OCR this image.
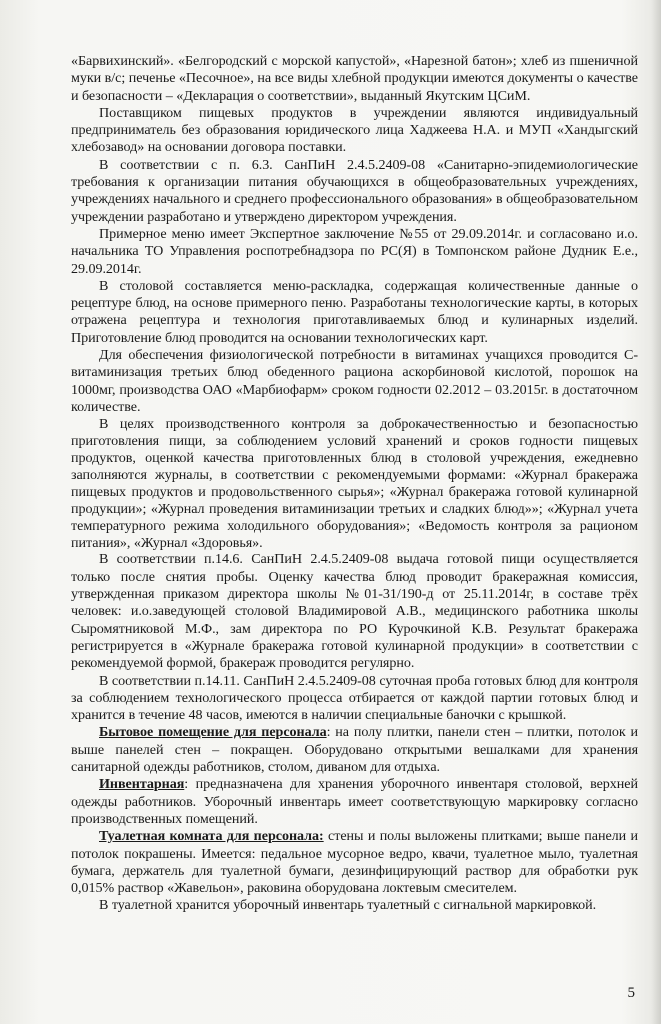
«Барвихинский». «Белгородский с морской капустой», «Нарезной батон»; хлеб из пшеничной муки в/с; печенье «Песочное», на все виды хлебной продукции имеются документы о качестве и безопасности – «Декларация о соответствии», выданный Якутским ЦСиМ.

Поставщиком пищевых продуктов в учреждении являются индивидуальный предприниматель без образования юридического лица Хаджеева Н.А. и МУП «Хандыгский хлебозавод» на основании договора поставки.

В соответствии с п. 6.3. СанПиН 2.4.5.2409-08 «Санитарно-эпидемиологические требования к организации питания обучающихся в общеобразовательных учреждениях, учреждениях начального и среднего профессионального образования» в общеобразовательном учреждении разработано и утверждено директором учреждения.

Примерное меню имеет Экспертное заключение №55 от 29.09.2014г. и согласовано и.о. начальника ТО Управления роспотребнадзора по РС(Я) в Томпонском районе Дудник Е.е., 29.09.2014г.

В столовой составляется меню-раскладка, содержащая количественные данные о рецептуре блюд, на основе примерного пеню. Разработаны технологические карты, в которых отражена рецептура и технология приготавливаемых блюд и кулинарных изделий. Приготовление блюд проводится на основании технологических карт.

Для обеспечения физиологической потребности в витаминах учащихся проводится С-витаминизация третьих блюд обеденного рациона аскорбиновой кислотой, порошок на 1000мг, производства ОАО «Марбиофарм» сроком годности 02.2012 – 03.2015г. в достаточном количестве.

В целях производственного контроля за доброкачественностью и безопасностью приготовления пищи, за соблюдением условий хранений и сроков годности пищевых продуктов, оценкой качества приготовленных блюд в столовой учреждения, ежедневно заполняются журналы, в соответствии с рекомендуемыми формами: «Журнал бракеража пищевых продуктов и продовольственного сырья»; «Журнал бракеража готовой кулинарной продукции»; «Журнал проведения витаминизации третьих и сладких блюд»»; «Журнал учета температурного режима холодильного оборудования»; «Ведомость контроля за рационом питания», «Журнал «Здоровья».

В соответствии п.14.6. СанПиН 2.4.5.2409-08 выдача готовой пищи осуществляется только после снятия пробы. Оценку качества блюд проводит бракеражная комиссия, утвержденная приказом директора школы №01-31/190-д от 25.11.2014г, в составе трёх человек: и.о.заведующей столовой Владимировой А.В., медицинского работника школы Сыромятниковой М.Ф., зам директора по РО Курочкиной К.В. Результат бракеража регистрируется в «Журнале бракеража готовой кулинарной продукции» в соответствии с рекомендуемой формой, бракераж проводится регулярно.

В соответствии п.14.11. СанПиН 2.4.5.2409-08 суточная проба готовых блюд для контроля за соблюдением технологического процесса отбирается от каждой партии готовых блюд и хранится в течение 48 часов, имеются в наличии специальные баночки с крышкой.

Бытовое помещение для персонала: на полу плитки, панели стен – плитки, потолок и выше панелей стен – покращен. Оборудовано открытыми вешалками для хранения санитарной одежды работников, столом, диваном для отдыха.

Инвентарная: предназначена для хранения уборочного инвентаря столовой, верхней одежды работников. Уборочный инвентарь имеет соответствующую маркировку согласно производственных помещений.

Туалетная комната для персонала: стены и полы выложены плитками; выше панели и потолок покрашены. Имеется: педальное мусорное ведро, квачи, туалетное мыло, туалетная бумага, держатель для туалетной бумаги, дезинфицирующий раствор для обработки рук 0,015% раствор «Жавельон», раковина оборудована локтевым смесителем.

В туалетной хранится уборочный инвентарь туалетный с сигнальной маркировкой.

5
